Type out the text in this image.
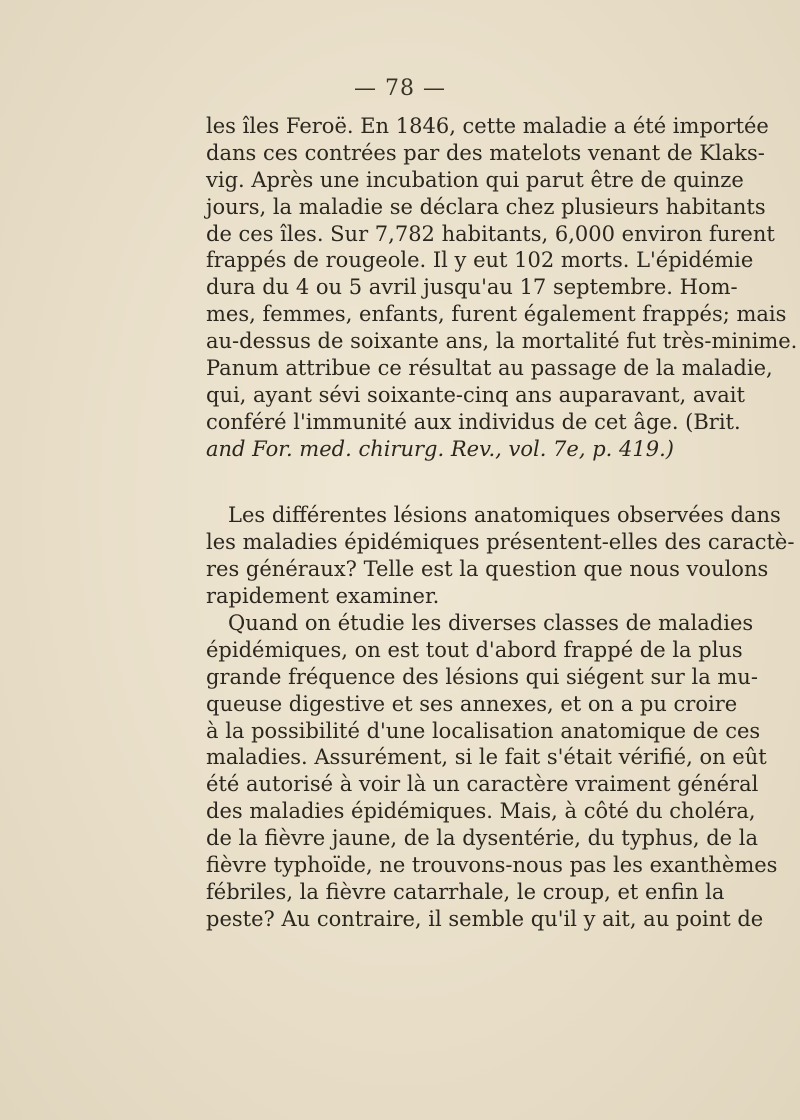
— 78 —
les îles Feroë. En 1846, cette maladie a été importée
dans ces contrées par des matelots venant de Klaks-
vig. Après une incubation qui parut être de quinze
jours, la maladie se déclara chez plusieurs habitants
de ces îles. Sur 7,782 habitants, 6,000 environ furent
frappés de rougeole. Il y eut 102 morts. L'épidémie
dura du 4 ou 5 avril jusqu'au 17 septembre. Hom-
mes, femmes, enfants, furent également frappés; mais
au-dessus de soixante ans, la mortalité fut très-minime.
Panum attribue ce résultat au passage de la maladie,
qui, ayant sévi soixante-cinq ans auparavant, avait
conféré l'immunité aux individus de cet âge. (Brit.
and For. med. chirurg. Rev., vol. 7e, p. 419.)
Les différentes lésions anatomiques observées dans
les maladies épidémiques présentent-elles des caractè-
res généraux? Telle est la question que nous voulons
rapidement examiner.
Quand on étudie les diverses classes de maladies
épidémiques, on est tout d'abord frappé de la plus
grande fréquence des lésions qui siégent sur la mu-
queuse digestive et ses annexes, et on a pu croire
à la possibilité d'une localisation anatomique de ces
maladies. Assurément, si le fait s'était vérifié, on eût
été autorisé à voir là un caractère vraiment général
des maladies épidémiques. Mais, à côté du choléra,
de la fièvre jaune, de la dysentérie, du typhus, de la
fièvre typhoïde, ne trouvons-nous pas les exanthèmes
fébriles, la fièvre catarrhale, le croup, et enfin la
peste? Au contraire, il semble qu'il y ait, au point de
